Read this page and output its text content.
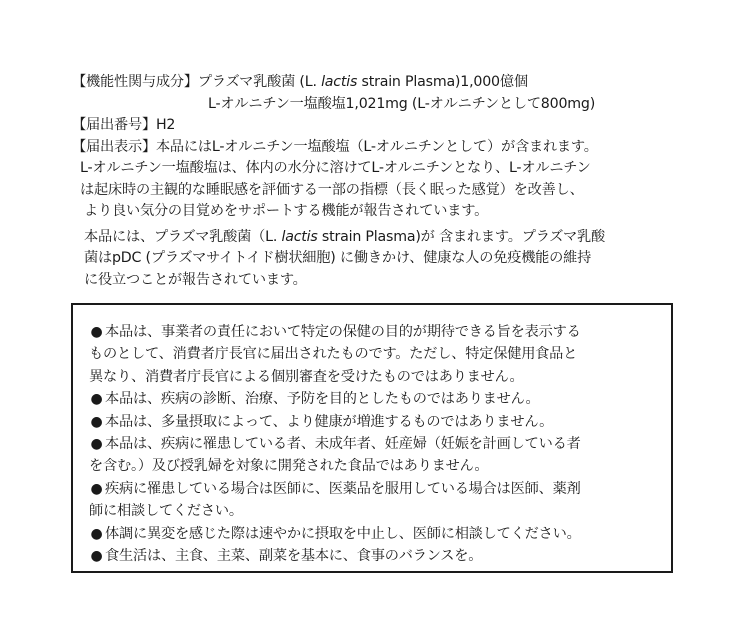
【機能性関与成分】プラズマ乳酸菌 (L. lactis strain Plasma)1,000億個
L-オルニチン一塩酸塩1,021mg (L-オルニチンとして800mg)
【届出番号】H2
【届出表示】本品にはL-オルニチン一塩酸塩（L-オルニチンとして）が含まれます。
L-オルニチン一塩酸塩は、体内の水分に溶けてL-オルニチンとなり、L-オルニチン
は起床時の主観的な睡眠感を評価する一部の指標（長く眠った感覚）を改善し、
より良い気分の目覚めをサポートする機能が報告されています。
本品には、プラズマ乳酸菌（L. lactis strain Plasma)が 含まれます。プラズマ乳酸
菌はpDC (プラズマサイトイド樹状細胞) に働きかけ、健康な人の免疫機能の維持
に役立つことが報告されています。
● 本品は、事業者の責任において特定の保健の目的が期待できる旨を表示する
ものとして、消費者庁長官に届出されたものです。ただし、特定保健用食品と
異なり、消費者庁長官による個別審査を受けたものではありません。
● 本品は、疾病の診断、治療、予防を目的としたものではありません。
● 本品は、多量摂取によって、より健康が増進するものではありません。
● 本品は、疾病に罹患している者、未成年者、妊産婦（妊娠を計画している者
を含む。）及び授乳婦を対象に開発された食品ではありません。
● 疾病に罹患している場合は医師に、医薬品を服用している場合は医師、薬剤
師に相談してください。
● 体調に異変を感じた際は速やかに摂取を中止し、医師に相談してください。
● 食生活は、主食、主菜、副菜を基本に、食事のバランスを。
